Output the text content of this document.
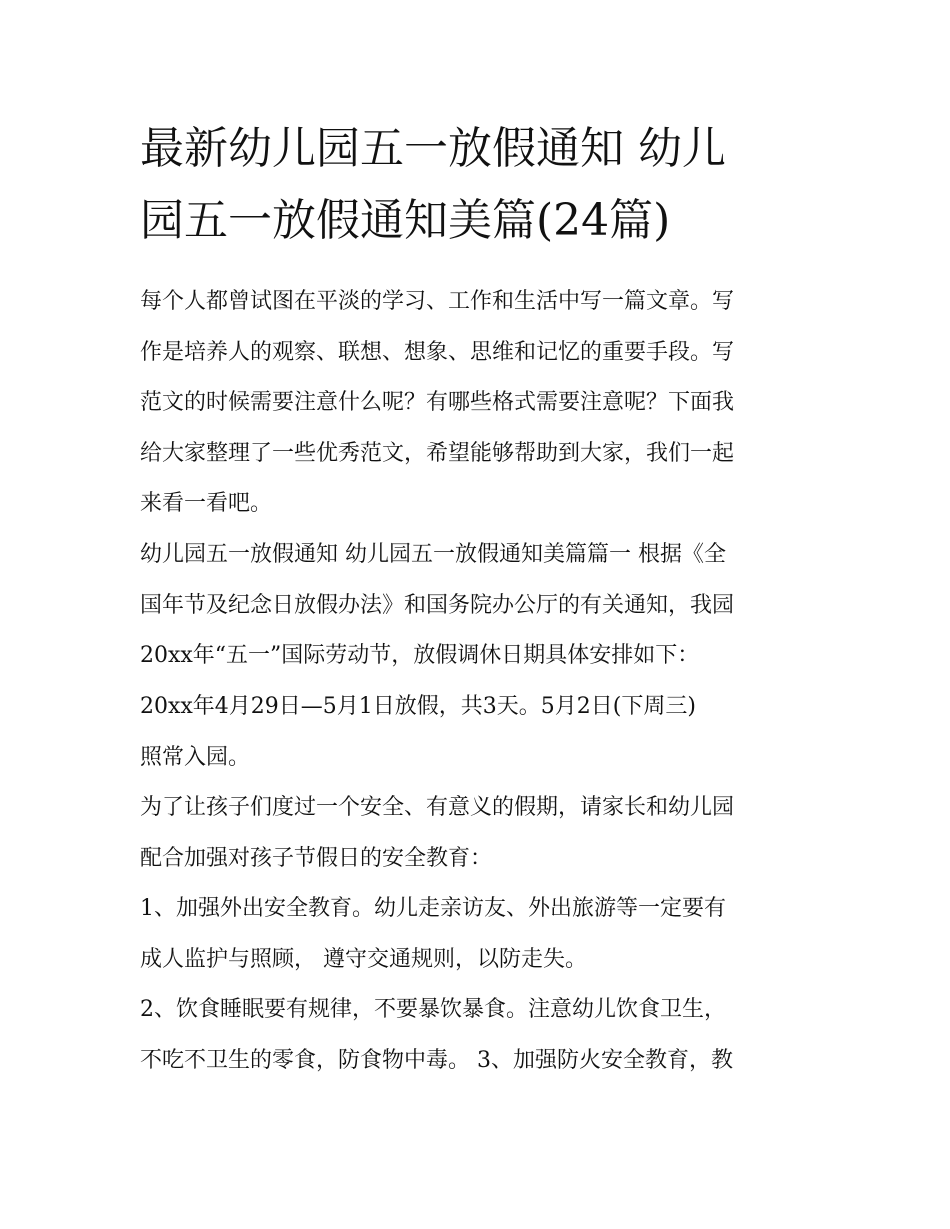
最新幼儿园五一放假通知 幼儿
园五一放假通知美篇(24篇)

每个人都曾试图在平淡的学习、工作和生活中写一篇文章。写
作是培养人的观察、联想、想象、思维和记忆的重要手段。写
范文的时候需要注意什么呢？有哪些格式需要注意呢？下面我
给大家整理了一些优秀范文，希望能够帮助到大家，我们一起
来看一看吧。

幼儿园五一放假通知 幼儿园五一放假通知美篇篇一 根据《全
国年节及纪念日放假办法》和国务院办公厅的有关通知，我园
20xx年“五一”国际劳动节，放假调休日期具体安排如下：

20xx年4月29日—5月1日放假，共3天。5月2日(下周三)
照常入园。

为了让孩子们度过一个安全、有意义的假期，请家长和幼儿园
配合加强对孩子节假日的安全教育：

1、加强外出安全教育。幼儿走亲访友、外出旅游等一定要有
成人监护与照顾， 遵守交通规则，以防走失。

2、饮食睡眠要有规律，不要暴饮暴食。注意幼儿饮食卫生，
不吃不卫生的零食，防食物中毒。 3、加强防火安全教育，教
